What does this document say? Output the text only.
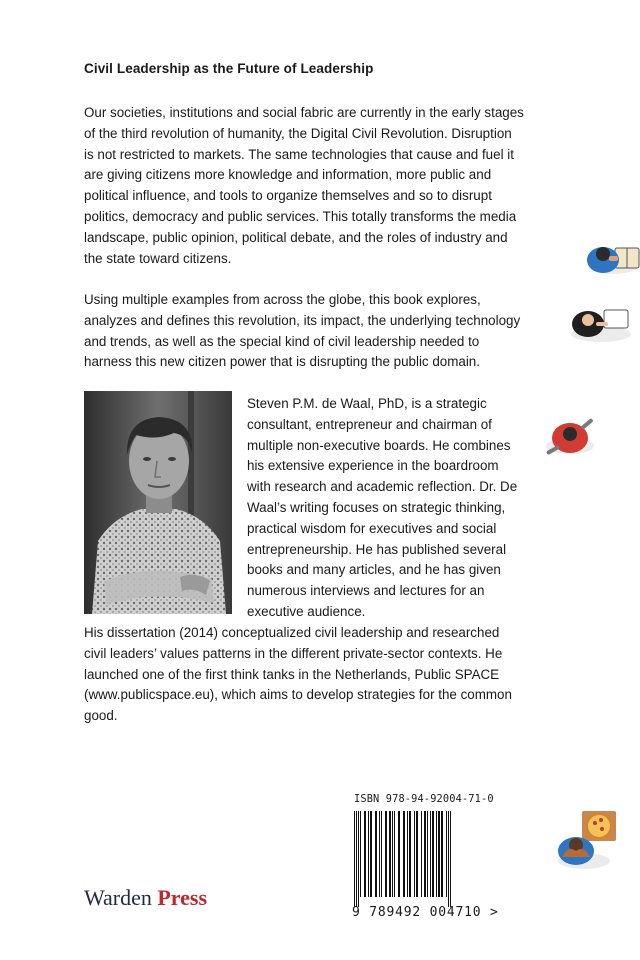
Civil Leadership as the Future of Leadership

Our societies, institutions and social fabric are currently in the early stages of the third revolution of humanity, the Digital Civil Revolution. Disruption is not restricted to markets. The same technologies that cause and fuel it are giving citizens more knowledge and information, more public and political influence, and tools to organize themselves and so to disrupt politics, democracy and public services. This totally transforms the media landscape, public opinion, political debate, and the roles of industry and the state toward citizens.

Using multiple examples from across the globe, this book explores, analyzes and defines this revolution, its impact, the underlying technology and trends, as well as the special kind of civil leadership needed to harness this new citizen power that is disrupting the public domain.

Steven P.M. de Waal, PhD, is a strategic consultant, entrepreneur and chairman of multiple non-executive boards. He combines his extensive experience in the boardroom with research and academic reflection. Dr. De Waal’s writing focuses on strategic thinking, practical wisdom for executives and social entrepreneurship. He has published several books and many articles, and he has given numerous interviews and lectures for an executive audience.

His dissertation (2014) conceptualized civil leadership and researched civil leaders’ values patterns in the different private-sector contexts. He launched one of the first think tanks in the Netherlands, Public SPACE (www.publicspace.eu), which aims to develop strategies for the common good.

ISBN 978-94-92004-71-0

9 789492 004710 >

Warden Press
